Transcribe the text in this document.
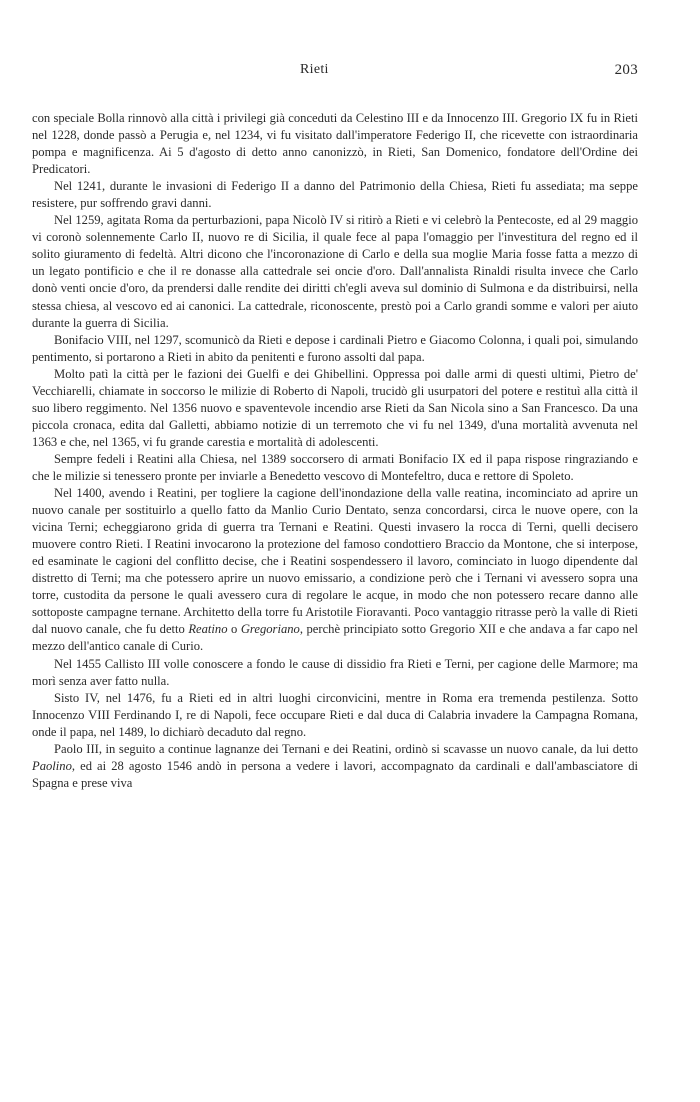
Rieti	203

con speciale Bolla rinnovò alla città i privilegi già conceduti da Celestino III e da Innocenzo III. Gregorio IX fu in Rieti nel 1228, donde passò a Perugia e, nel 1234, vi fu visitato dall'imperatore Federigo II, che ricevette con istraordinaria pompa e magnificenza. Ai 5 d'agosto di detto anno canonizzò, in Rieti, San Domenico, fondatore dell'Ordine dei Predicatori.

Nel 1241, durante le invasioni di Federigo II a danno del Patrimonio della Chiesa, Rieti fu assediata; ma seppe resistere, pur soffrendo gravi danni.

Nel 1259, agitata Roma da perturbazioni, papa Nicolò IV si ritirò a Rieti e vi celebrò la Pentecoste, ed al 29 maggio vi coronò solennemente Carlo II, nuovo re di Sicilia, il quale fece al papa l'omaggio per l'investitura del regno ed il solito giuramento di fedeltà. Altri dicono che l'incoronazione di Carlo e della sua moglie Maria fosse fatta a mezzo di un legato pontificio e che il re donasse alla cattedrale sei oncie d'oro. Dall'annalista Rinaldi risulta invece che Carlo donò venti oncie d'oro, da prendersi dalle rendite dei diritti ch'egli aveva sul dominio di Sulmona e da distribuirsi, nella stessa chiesa, al vescovo ed ai canonici. La cattedrale, riconoscente, prestò poi a Carlo grandi somme e valori per aiuto durante la guerra di Sicilia.

Bonifacio VIII, nel 1297, scomunicò da Rieti e depose i cardinali Pietro e Giacomo Colonna, i quali poi, simulando pentimento, si portarono a Rieti in abito da penitenti e furono assolti dal papa.

Molto patì la città per le fazioni dei Guelfi e dei Ghibellini. Oppressa poi dalle armi di questi ultimi, Pietro de' Vecchiarelli, chiamate in soccorso le milizie di Roberto di Napoli, trucidò gli usurpatori del potere e restituì alla città il suo libero reggimento. Nel 1356 nuovo e spaventevole incendio arse Rieti da San Nicola sino a San Francesco. Da una piccola cronaca, edita dal Galletti, abbiamo notizie di un terremoto che vi fu nel 1349, d'una mortalità avvenuta nel 1363 e che, nel 1365, vi fu grande carestia e mortalità di adolescenti.

Sempre fedeli i Reatini alla Chiesa, nel 1389 soccorsero di armati Bonifacio IX ed il papa rispose ringraziando e che le milizie si tenessero pronte per inviarle a Benedetto vescovo di Montefeltro, duca e rettore di Spoleto.

Nel 1400, avendo i Reatini, per togliere la cagione dell'inondazione della valle reatina, incominciato ad aprire un nuovo canale per sostituirlo a quello fatto da Manlio Curio Dentato, senza concordarsi, circa le nuove opere, con la vicina Terni; echeggiarono grida di guerra tra Ternani e Reatini. Questi invasero la rocca di Terni, quelli decisero muovere contro Rieti. I Reatini invocarono la protezione del famoso condottiero Braccio da Montone, che si interpose, ed esaminate le cagioni del conflitto decise, che i Reatini sospendessero il lavoro, cominciato in luogo dipendente dal distretto di Terni; ma che potessero aprire un nuovo emissario, a condizione però che i Ternani vi avessero sopra una torre, custodita da persone le quali avessero cura di regolare le acque, in modo che non potessero recare danno alle sottoposte campagne ternane. Architetto della torre fu Aristotile Fioravanti. Poco vantaggio ritrasse però la valle di Rieti dal nuovo canale, che fu detto Reatino o Gregoriano, perchè principiato sotto Gregorio XII e che andava a far capo nel mezzo dell'antico canale di Curio.

Nel 1455 Callisto III volle conoscere a fondo le cause di dissidio fra Rieti e Terni, per cagione delle Marmore; ma morì senza aver fatto nulla.

Sisto IV, nel 1476, fu a Rieti ed in altri luoghi circonvicini, mentre in Roma era tremenda pestilenza. Sotto Innocenzo VIII Ferdinando I, re di Napoli, fece occupare Rieti e dal duca di Calabria invadere la Campagna Romana, onde il papa, nel 1489, lo dichiarò decaduto dal regno.

Paolo III, in seguito a continue lagnanze dei Ternani e dei Reatini, ordinò si scavasse un nuovo canale, da lui detto Paolino, ed ai 28 agosto 1546 andò in persona a vedere i lavori, accompagnato da cardinali e dall'ambasciatore di Spagna e prese viva
